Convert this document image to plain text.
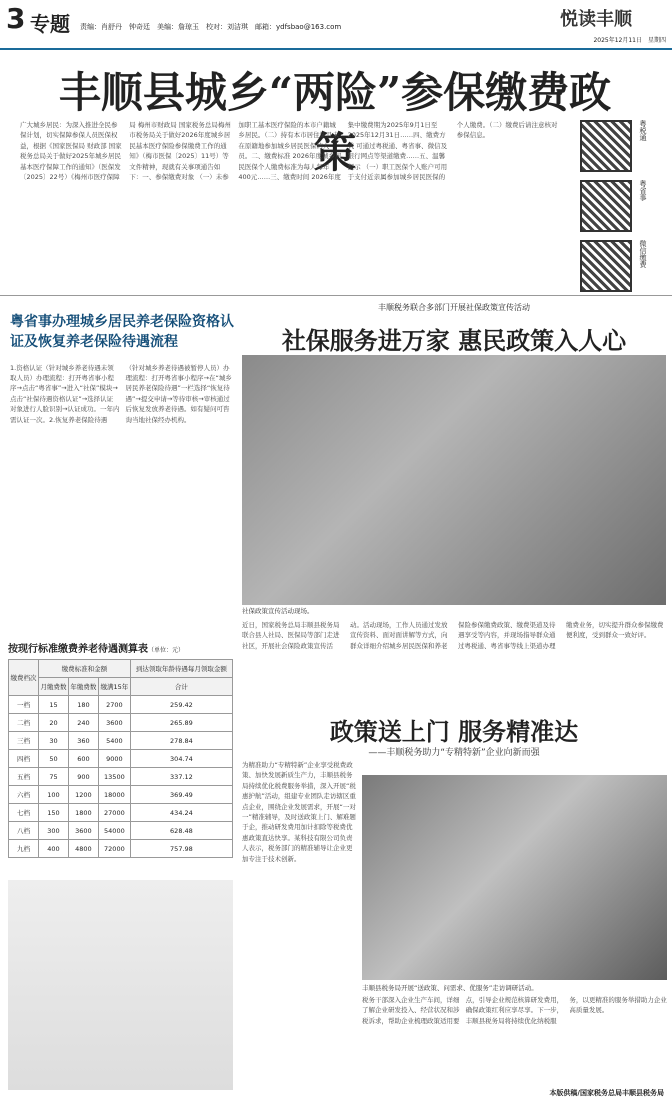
3 专题 责编：肖舒丹　钟奇廷　美编：詹琼玉　校对：刘洁琪　邮箱：ydfsbao@163.com	悦读丰顺
2025年12月11日　星期四
丰顺县城乡“两险”参保缴费政策
广大城乡居民：为深入推进全民参保计划，切实保障参保人员医保权益，根据《国家医保局 财政部 国家税务总局关于做好2025年城乡居民基本医疗保障工作的通知》（医保发〔2025〕22号）《梅州市医疗保障局 梅州市财政局 国家税务总局梅州市税务局关于做好2026年度城乡居民基本医疗保险参保缴费工作的通知》（梅市医保〔2025〕11号）等文件精神，现就有关事项通告如下：一、参保缴费对象 （一）未参加职工基本医疗保险的本市户籍城乡居民。（二）持有本市居住证且未在原籍地参加城乡居民医保的人员。二、缴费标准 2026年度城乡居民医保个人缴费标准为每人每年400元……三、缴费时间 2026年度集中缴费期为2025年9月1日至2025年12月31日……四、缴费方式 可通过粤税通、粤省事、微信及银行网点等渠道缴费……五、温馨提示 （一）职工医保个人账户可用于支付近亲属参加城乡居民医保的个人缴费。（二）缴费后请注意核对参保信息。	粤税通
粤省事
微信缴费
粤省事办理城乡居民养老保险资格认证及恢复养老保险待遇流程
1.资格认证（针对城乡养老待遇未领取人员）办理流程：打开粤省事小程序→点击“粤省事”→进入“社保”模块→点击“社保待遇资格认证”→选择认证对象进行人脸识别→认证成功。一年内需认证一次。2.恢复养老保险待遇（针对城乡养老待遇被暂停人员）办理流程：打开粤省事小程序→在“城乡居民养老保险待遇”一栏选择“恢复待遇”→提交申请→等待审核→审核通过后恢复发放养老待遇。如有疑问可咨询当地社保经办机构。
按现行标准缴费养老待遇测算表（单位：元）
缴费档次	缴费标准和金额			到达领取年龄待遇每月领取金额
	月缴费数	年缴费数	缴满15年	合计
一档	15	180	2700	259.42
二档	20	240	3600	265.89
三档	30	360	5400	278.84
四档	50	600	9000	304.74
五档	75	900	13500	337.12
六档	100	1200	18000	369.49
七档	150	1800	27000	434.24
八档	300	3600	54000	628.48
九档	400	4800	72000	757.98
丰顺税务联合多部门开展社保政策宣传活动
社保服务进万家 惠民政策入人心
社保政策宣传活动现场。
近日，国家税务总局丰顺县税务局联合县人社局、医保局等部门走进社区，开展社会保险政策宣传活动。活动现场，工作人员通过发放宣传资料、面对面讲解等方式，向群众详细介绍城乡居民医保和养老保险参保缴费政策、缴费渠道及待遇享受等内容，并现场指导群众通过粤税通、粤省事等线上渠道办理缴费业务，切实提升群众参保缴费便利度，受到群众一致好评。
政策送上门 服务精准达
——丰顺税务助力“专精特新”企业向新而强
为精准助力“专精特新”企业享受税费政策、加快发展新质生产力，丰顺县税务局持续优化税费服务举措，深入开展“税惠护航”活动，组建专业团队走访辖区重点企业，围绕企业发展需求，开展“一对一”精准辅导，及时送政策上门、解难题于企，推动研发费用加计扣除等税费优惠政策直达快享。某科技有限公司负责人表示，税务部门的精准辅导让企业更加专注于技术创新。
丰顺县税务局开展“送政策、问需求、优服务”走访调研活动。
税务干部深入企业生产车间，详细了解企业研发投入、经营状况和涉税诉求，帮助企业梳理政策适用要点，引导企业规范核算研发费用，确保政策红利应享尽享。下一步，丰顺县税务局将持续优化纳税服务，以更精准的服务举措助力企业高质量发展。
本版供稿/国家税务总局丰顺县税务局
